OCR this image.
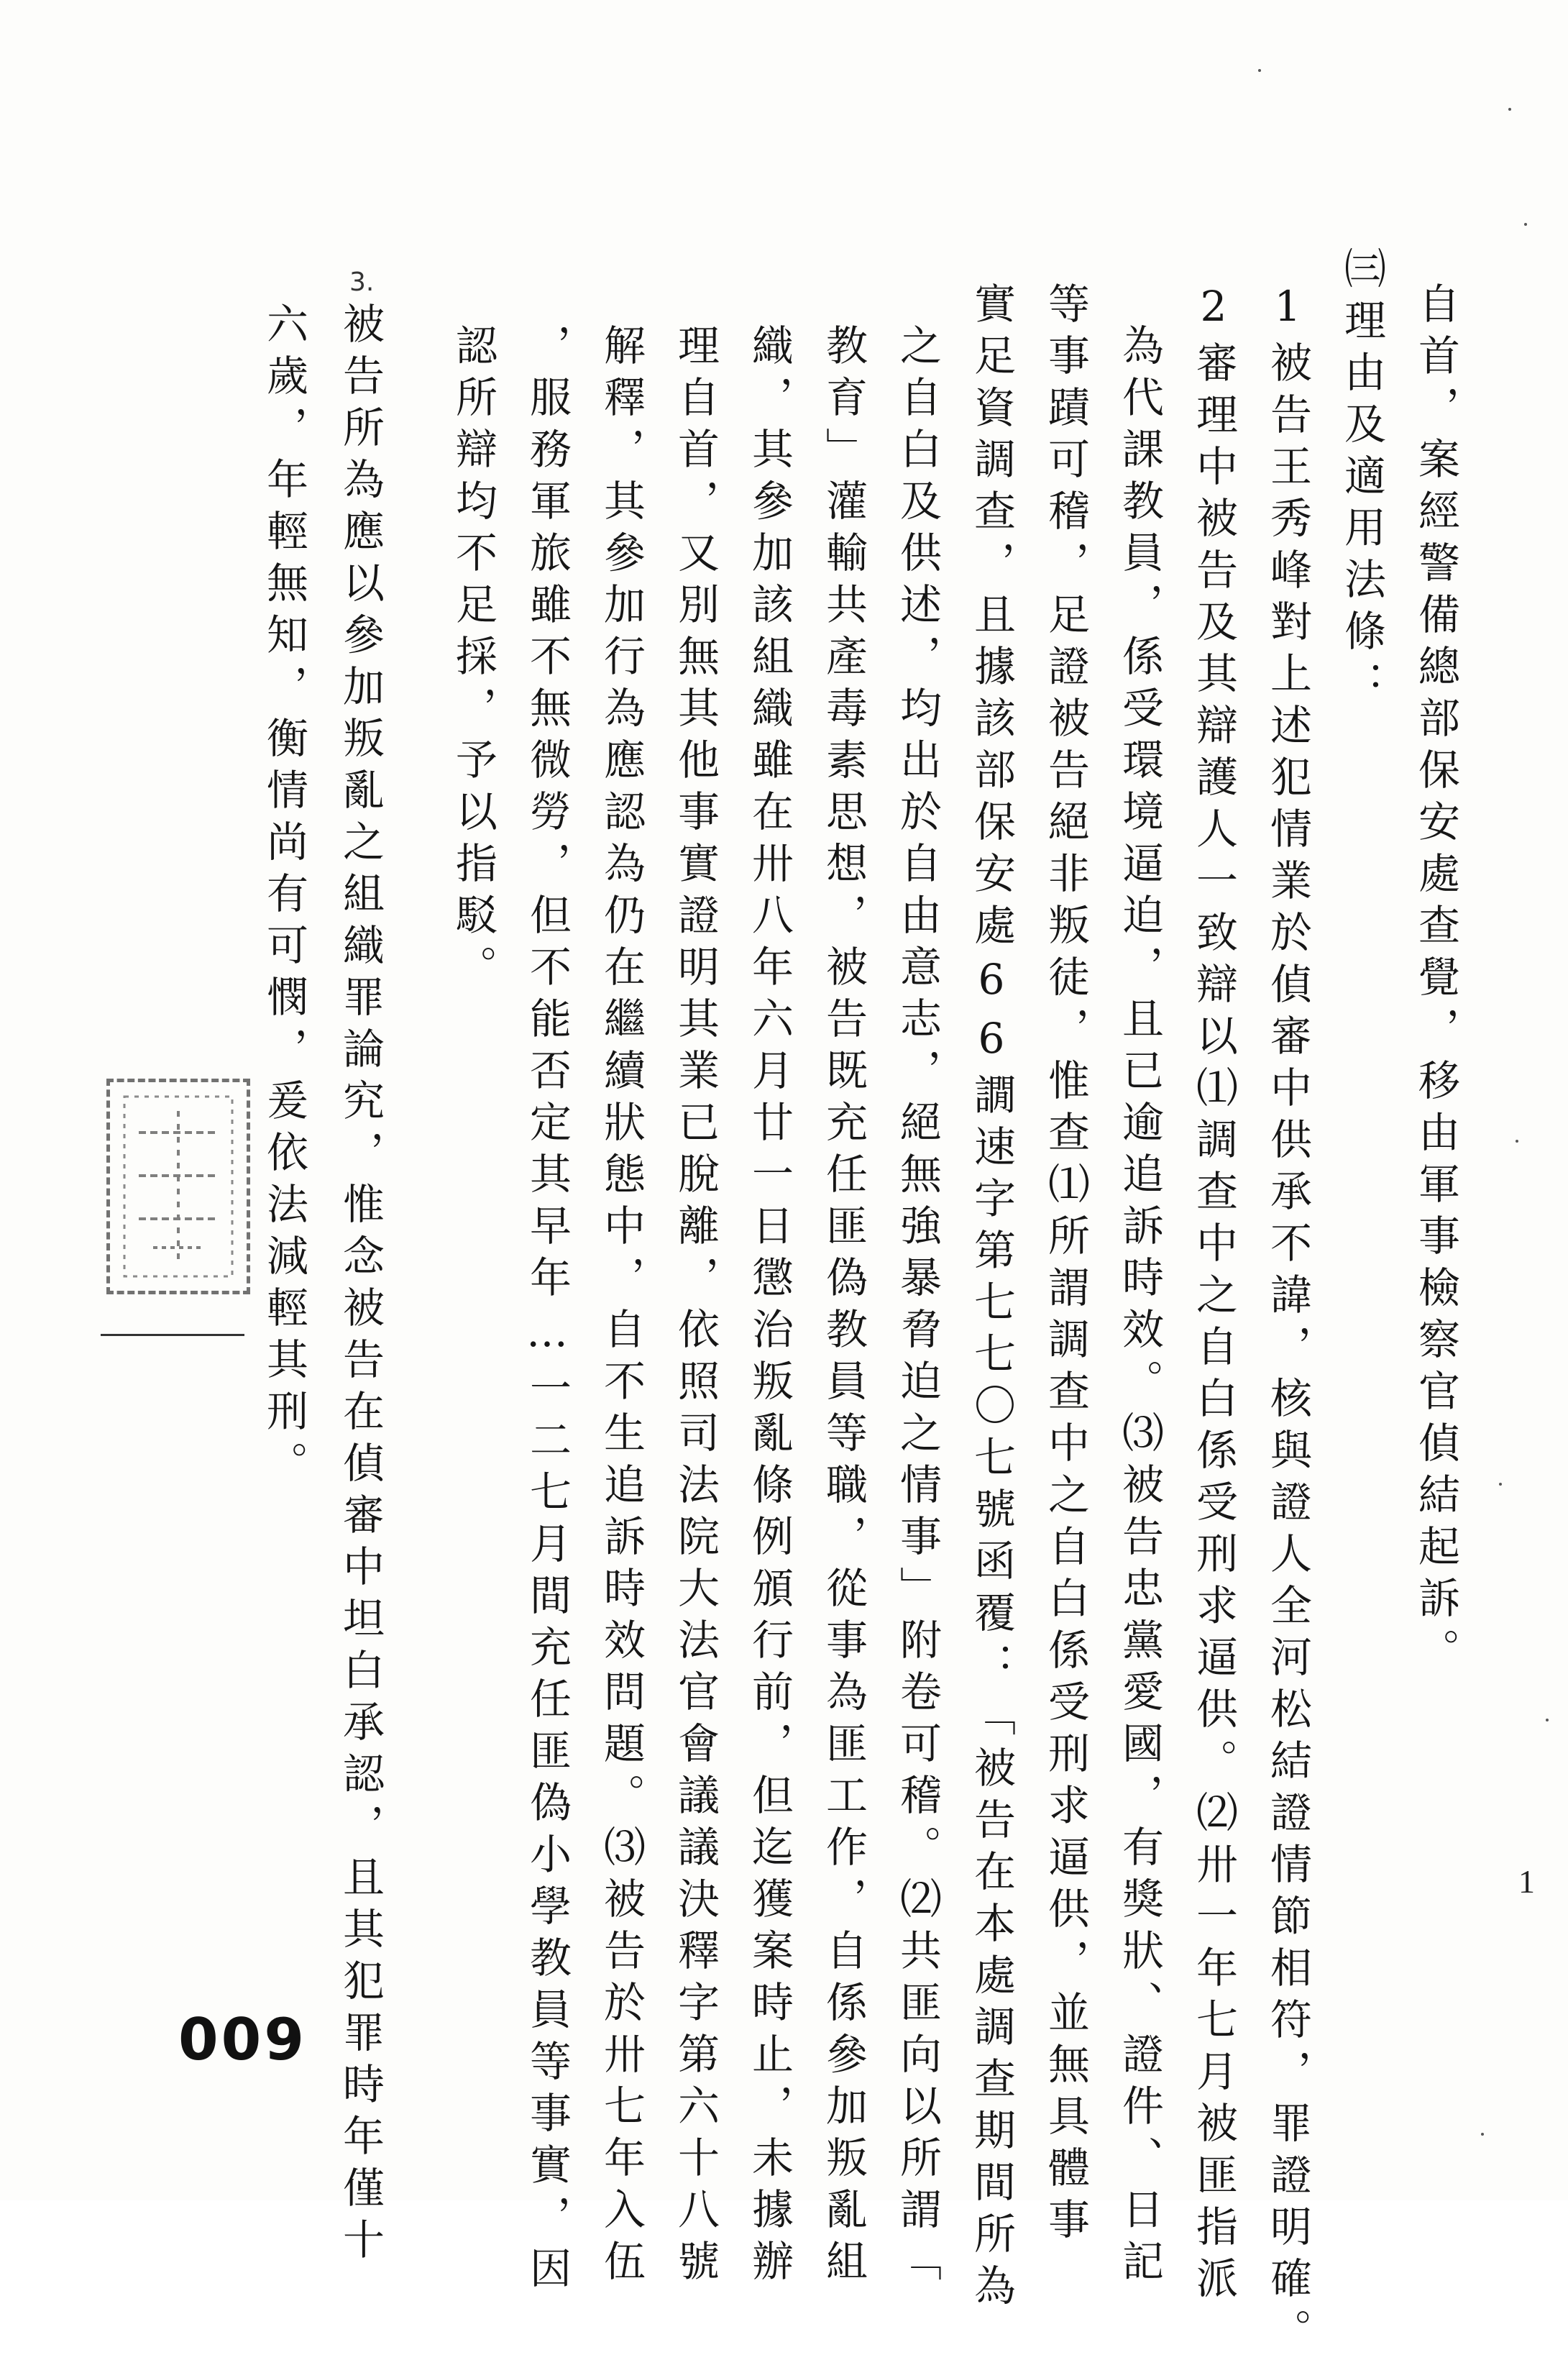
自首，案經警備總部保安處查覺，移由軍事檢察官偵結起訴。
1被告王秀峰對上述犯情業於偵審中供承不諱，核與證人全河松結證情節相符，罪證明確。 ㈢理由及適用法條：
2審理中被告及其辯護人一致辯以⑴調查中之自白係受刑求逼供。⑵卅一年七月被匪指派
為代課教員，係受環境逼迫，且已逾追訴時效。⑶被告忠黨愛國，有獎狀、證件、日記
等事蹟可稽，足證被告絕非叛徒，惟查⑴所謂調查中之自白係受刑求逼供，並無具體事
實足資調查，且據該部保安處66譋速字第七七〇七號函覆：「被告在本處調查期間所為
之自白及供述，均出於自由意志，絕無強暴脅迫之情事」附卷可稽。⑵共匪向以所謂「
教育」灌輸共產毒素思想，被告既充任匪偽教員等職，從事為匪工作，自係參加叛亂組
織，其參加該組織雖在卅八年六月廿一日懲治叛亂條例頒行前，但迄獲案時止，未據辦
理自首，又別無其他事實證明其業已脫離，依照司法院大法官會議議決釋字第六十八號
解釋，其參加行為應認為仍在繼續狀態中，自不生追訴時效問題。⑶被告於卅七年入伍
，服務軍旅雖不無微勞，但不能否定其早年…一二七月間充任匪偽小學教員等事實，因
認所辯均不足採，予以指駁。
被告所為應以參加叛亂之組織罪論究，惟念被告在偵審中坦白承認，且其犯罪時年僅十
六歲，年輕無知，衡情尚有可憫，爰依法減輕其刑。
3.
1
009
